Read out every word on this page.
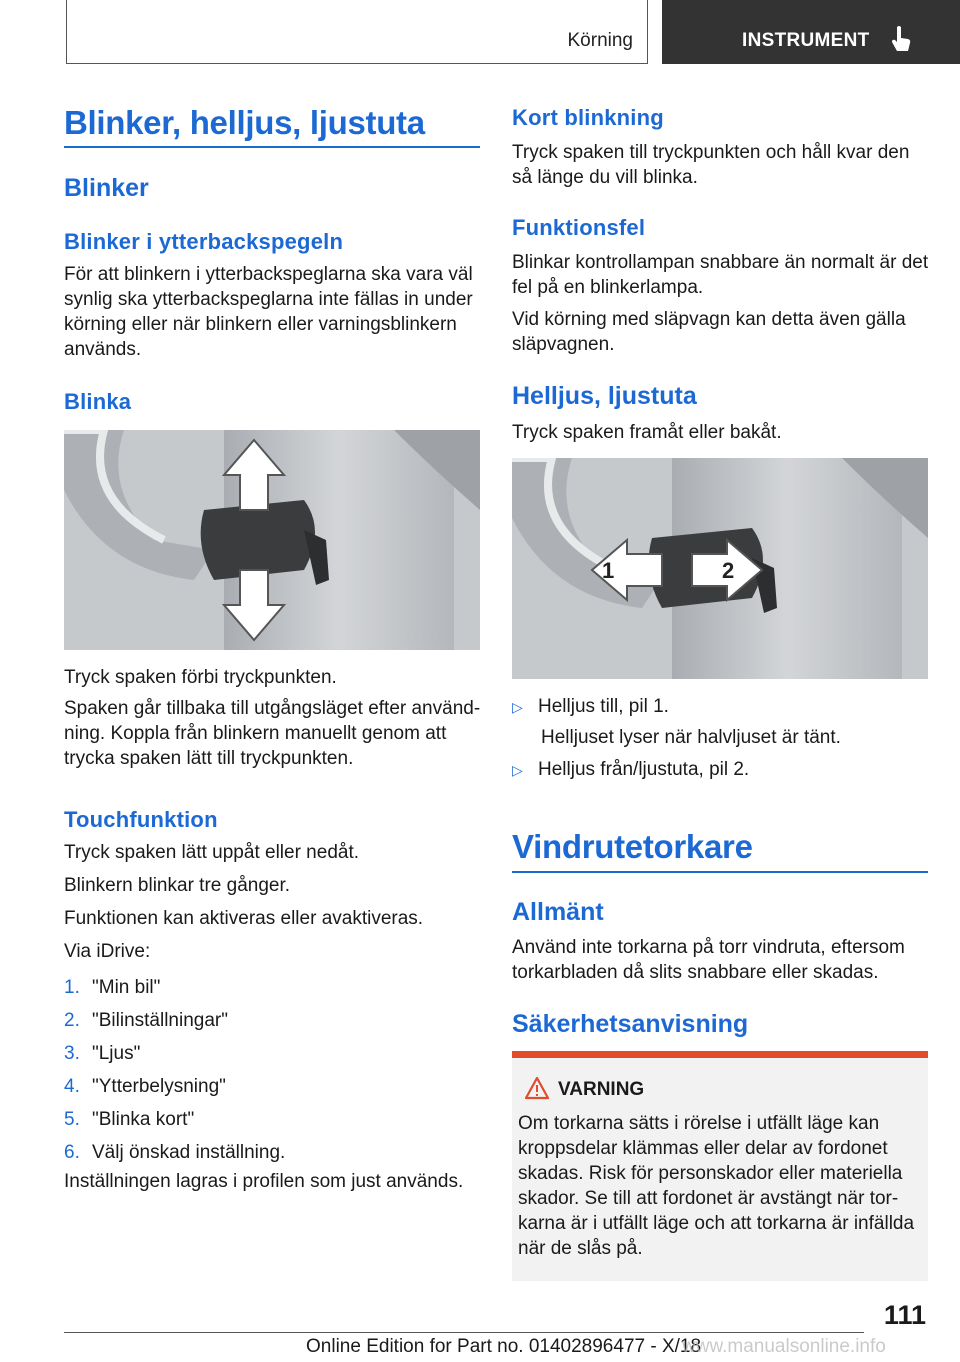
Körning	INSTRUMENT
Blinker, helljus, ljustuta
Blinker
Blinker i ytterbackspegeln
För att blinkern i ytterbackspeglarna ska vara väl
synlig ska ytterbackspeglarna inte fällas in under
körning eller när blinkern eller varningsblinkern
används.
Blinka
Tryck spaken förbi tryckpunkten.
Spaken går tillbaka till utgångsläget efter använd-
ning. Koppla från blinkern manuellt genom att
trycka spaken lätt till tryckpunkten.
Touchfunktion
Tryck spaken lätt uppåt eller nedåt.
Blinkern blinkar tre gånger.
Funktionen kan aktiveras eller avaktiveras.
Via iDrive:
1. "Min bil"
2. "Bilinställningar"
3. "Ljus"
4. "Ytterbelysning"
5. "Blinka kort"
6. Välj önskad inställning.
Inställningen lagras i profilen som just används.
Kort blinkning
Tryck spaken till tryckpunkten och håll kvar den
så länge du vill blinka.
Funktionsfel
Blinkar kontrollampan snabbare än normalt är det
fel på en blinkerlampa.
Vid körning med släpvagn kan detta även gälla
släpvagnen.
Helljus, ljustuta
Tryck spaken framåt eller bakåt.
1	2
▷ Helljus till, pil 1.
Helljuset lyser när halvljuset är tänt.
▷ Helljus från/ljustuta, pil 2.
Vindrutetorkare
Allmänt
Använd inte torkarna på torr vindruta, eftersom
torkarbladen då slits snabbare eller skadas.
Säkerhetsanvisning
VARNING
Om torkarna sätts i rörelse i utfällt läge kan
kroppsdelar klämmas eller delar av fordonet
skadas. Risk för personskador eller materiella
skador. Se till att fordonet är avstängt när tor-
karna är i utfällt läge och att torkarna är infällda
när de slås på.
111
Online Edition for Part no. 01402896477 - X/18
www.manualsonline.info
